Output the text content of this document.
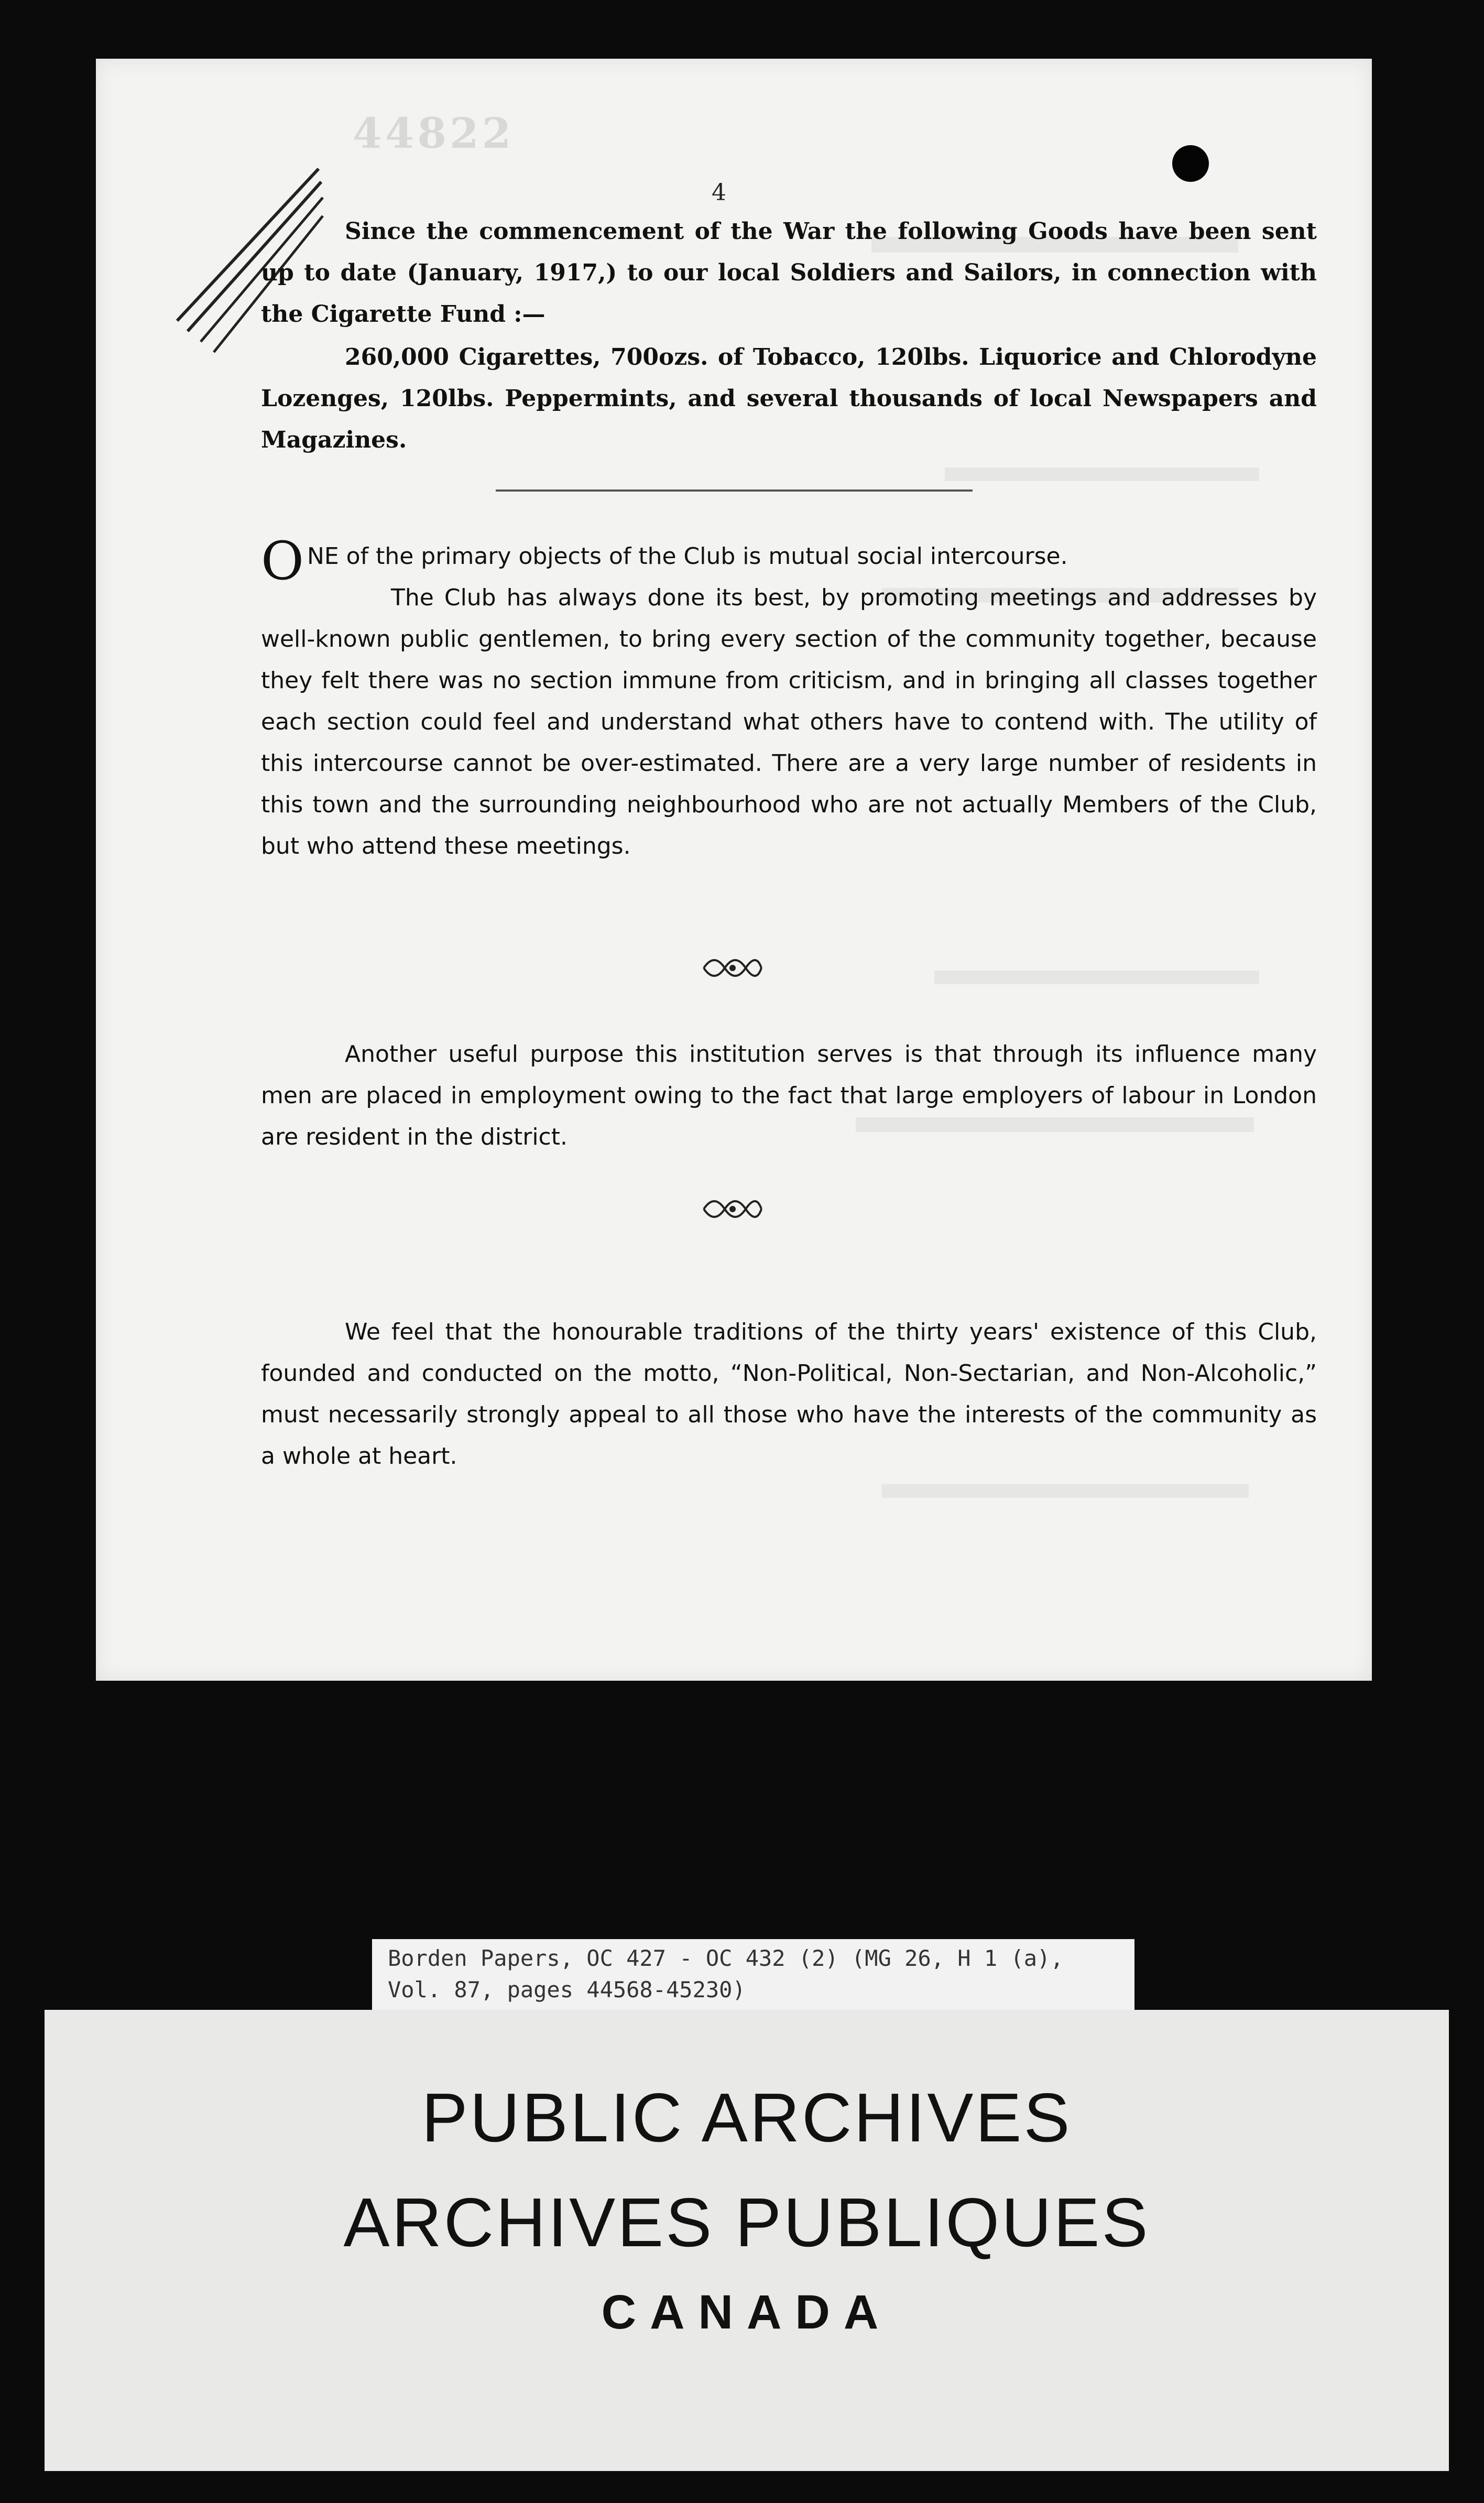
44822
4

Since the commencement of the War the following Goods have been sent up to date (January, 1917,) to our local Soldiers and Sailors, in connection with the Cigarette Fund :—

260,000 Cigarettes, 700ozs. of Tobacco, 120lbs. Liquorice and Chlorodyne Lozenges, 120lbs. Peppermints, and several thousands of local Newspapers and Magazines.

ONE of the primary objects of the Club is mutual social intercourse.
The Club has always done its best, by promoting meetings and addresses by well-known public gentlemen, to bring every section of the community together, because they felt there was no section immune from criticism, and in bringing all classes together each section could feel and understand what others have to contend with. The utility of this intercourse cannot be over-estimated. There are a very large number of residents in this town and the surrounding neighbourhood who are not actually Members of the Club, but who attend these meetings.

Another useful purpose this institution serves is that through its influence many men are placed in employment owing to the fact that large employers of labour in London are resident in the district.

We feel that the honourable traditions of the thirty years' existence of this Club, founded and conducted on the motto, “Non-Political, Non-Sectarian, and Non-Alcoholic,” must necessarily strongly appeal to all those who have the interests of the community as a whole at heart.

Borden Papers, OC 427 - OC 432 (2) (MG 26, H 1 (a),

Vol. 87, pages 44568-45230)

PUBLIC ARCHIVES

ARCHIVES PUBLIQUES

CANADA
